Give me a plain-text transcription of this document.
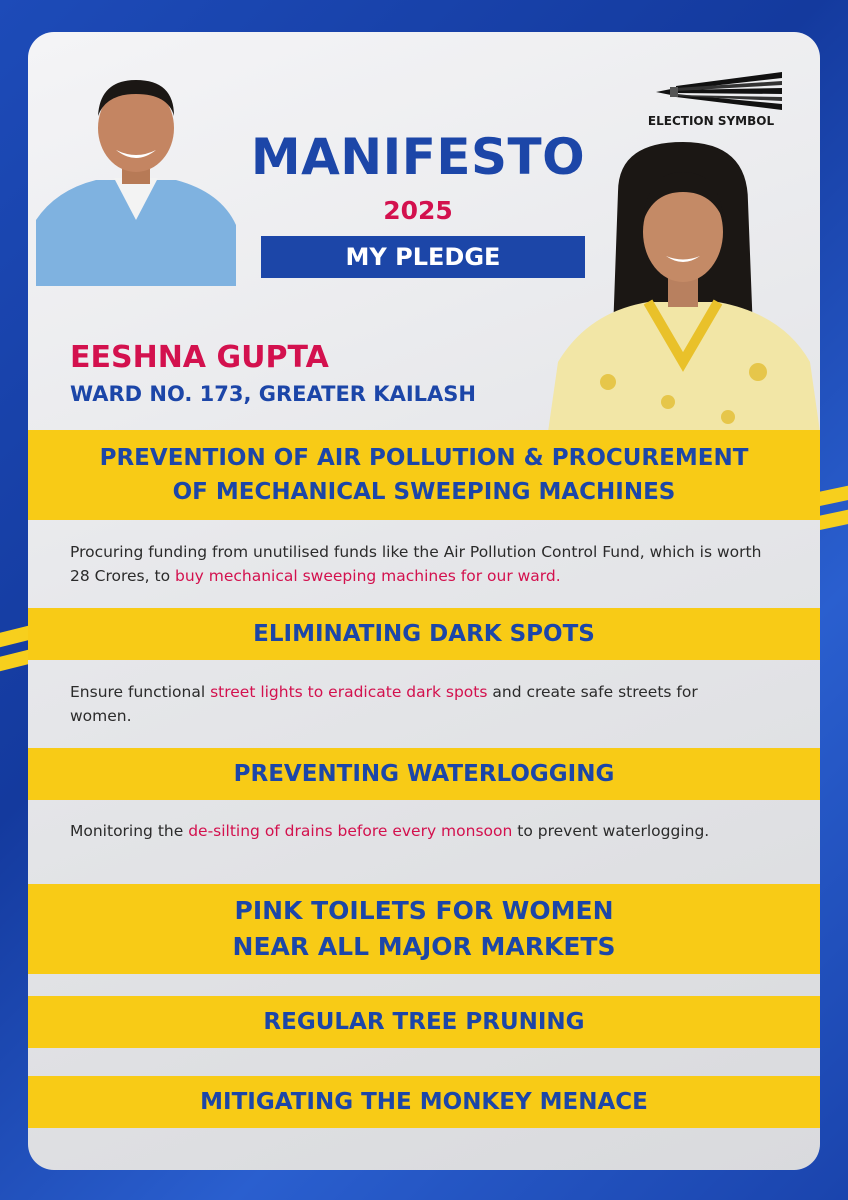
MANIFESTO
2025
MY PLEDGE
ELECTION SYMBOL
EESHNA GUPTA
WARD NO. 173, GREATER KAILASH
PREVENTION OF AIR POLLUTION & PROCUREMENT
OF MECHANICAL SWEEPING MACHINES
Procuring funding from unutilised funds like the Air Pollution Control Fund, which is worth 28 Crores, to buy mechanical sweeping machines for our ward.
ELIMINATING DARK SPOTS
Ensure functional street lights to eradicate dark spots and create safe streets for women.
PREVENTING WATERLOGGING
Monitoring the de-silting of drains before every monsoon to prevent waterlogging.
PINK TOILETS FOR WOMEN
NEAR ALL MAJOR MARKETS
REGULAR TREE PRUNING
MITIGATING THE MONKEY MENACE
